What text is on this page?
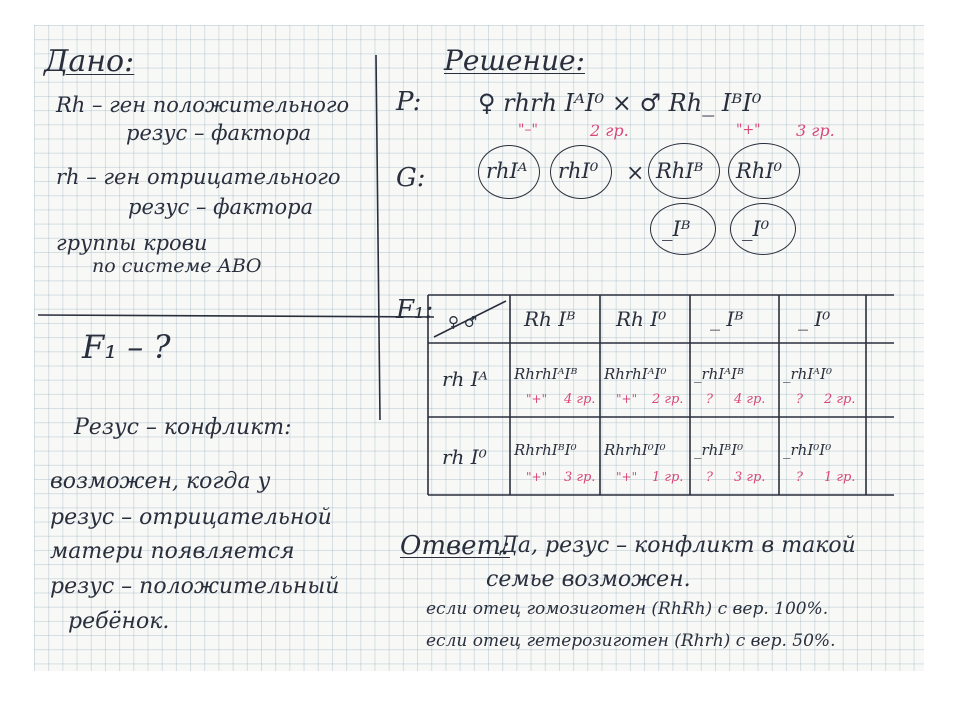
Дано:
Rh – ген положительного
резус – фактора
rh – ген отрицательного
резус – фактора
группы крови
по системе АВО
F₁ – ?
Резус – конфликт:
возможен, когда у
резус – отрицательной
матери появляется
резус – положительный
ребёнок.
Решение:
P: ♀ rhrh IᴬI⁰ × ♂ Rh_ IᴮI⁰
"–"	2 гр.	"+" 3 гр.
G:	rhIᴬ rhI⁰ × RhIᴮ RhI⁰
_Iᴮ _I⁰
F₁: ♀ ♂ Rh Iᴮ Rh I⁰ _ Iᴮ	_ I⁰
rh Iᴬ RhrhIᴬIᴮ
"+" 4 гр.
RhrhIᴬI⁰
"+" 2 гр.
_rhIᴬIᴮ
? 4 гр.
_rhIᴬI⁰
? 2 гр.
rh I⁰ RhrhIᴮI⁰
"+" 3 гр.
RhrhI⁰I⁰
"+" 1 гр.
_rhIᴮI⁰
? 3 гр.
_rhI⁰I⁰
? 1 гр.
Ответ:
Да, резус – конфликт в такой
семье возможен.
если отец гомозиготен (RhRh) с вер. 100%.
если отец гетерозиготен (Rhrh) с вер. 50%.
